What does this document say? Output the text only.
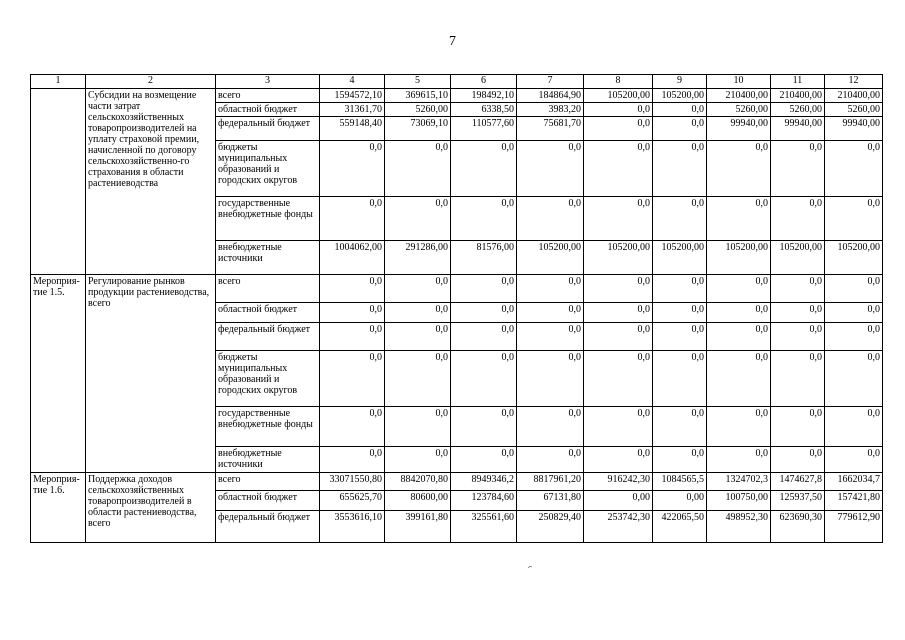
7
1	2	3	4	5	6	7	8	9	10	11	12
	Субсидии на возмещение части затрат сельскохозяйственных товаропроизводителей на уплату страховой премии, начисленной по договору сельскохозяйственно-го страхования в области растениеводства	всего	1594572,10	369615,10	198492,10	184864,90	105200,00	105200,00	210400,00	210400,00	210400,00
		областной бюджет	31361,70	5260,00	6338,50	3983,20	0,0	0,0	5260,00	5260,00	5260,00
		федеральный бюджет	559148,40	73069,10	110577,60	75681,70	0,0	0,0	99940,00	99940,00	99940,00
		бюджеты муниципальных образований и городских округов	0,0	0,0	0,0	0,0	0,0	0,0	0,0	0,0	0,0
		государственные внебюджетные фонды	0,0	0,0	0,0	0,0	0,0	0,0	0,0	0,0	0,0
		внебюджетные источники	1004062,00	291286,00	81576,00	105200,00	105200,00	105200,00	105200,00	105200,00	105200,00
Мероприя-тие 1.5.	Регулирование рынков продукции растениеводства, всего	всего	0,0	0,0	0,0	0,0	0,0	0,0	0,0	0,0	0,0
		областной бюджет	0,0	0,0	0,0	0,0	0,0	0,0	0,0	0,0	0,0
		федеральный бюджет	0,0	0,0	0,0	0,0	0,0	0,0	0,0	0,0	0,0
		бюджеты муниципальных образований и городских округов	0,0	0,0	0,0	0,0	0,0	0,0	0,0	0,0	0,0
		государственные внебюджетные фонды	0,0	0,0	0,0	0,0	0,0	0,0	0,0	0,0	0,0
		внебюджетные источники	0,0	0,0	0,0	0,0	0,0	0,0	0,0	0,0	0,0
Мероприя-тие 1.6.	Поддержка доходов сельскохозяйственных товаропроизводителей в области растениеводства, всего	всего	33071550,80	8842070,80	8949346,2	8817961,20	916242,30	1084565,5	1324702,3	1474627,8	1662034,7
		областной бюджет	655625,70	80600,00	123784,60	67131,80	0,00	0,00	100750,00	125937,50	157421,80
		федеральный бюджет	3553616,10	399161,80	325561,60	250829,40	253742,30	422065,50	498952,30	623690,30	779612,90
